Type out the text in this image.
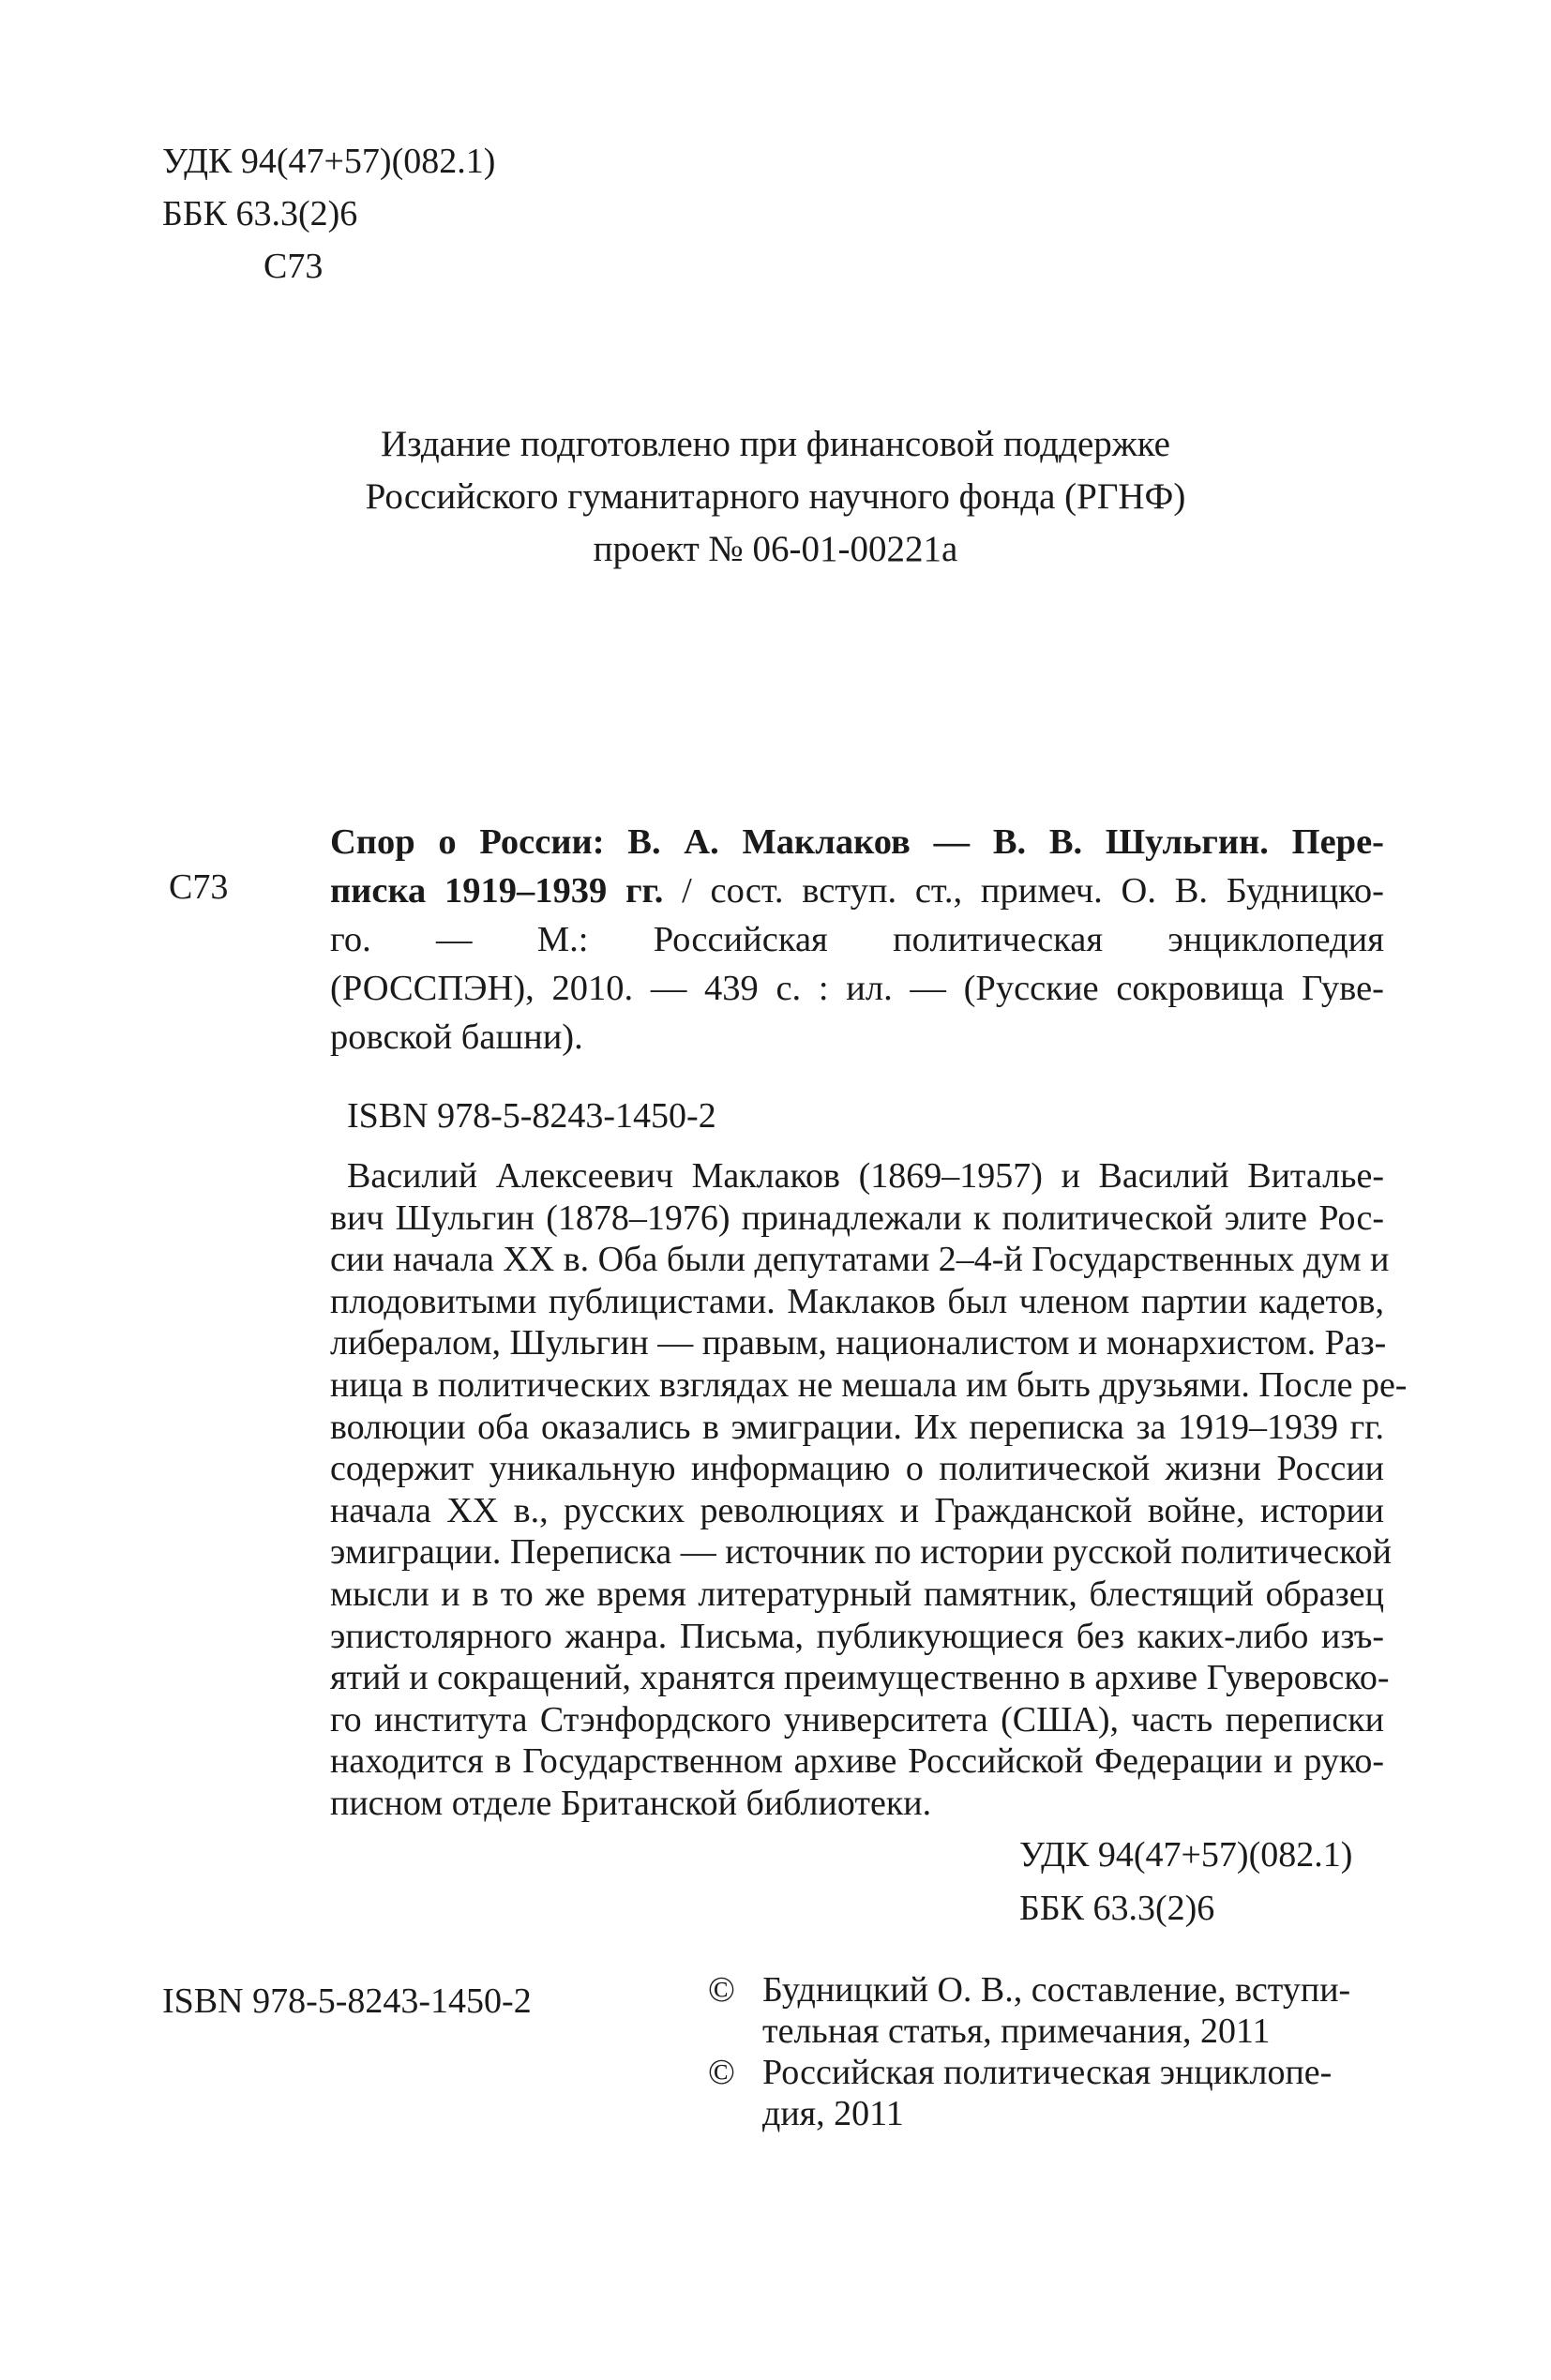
УДК 94(47+57)(082.1)
ББК 63.3(2)6
С73
Издание подготовлено при финансовой поддержке
Российского гуманитарного научного фонда (РГНФ)
проект № 06-01-00221а
С73
Спор о России: В. А. Маклаков — В. В. Шульгин. Пере-
писка 1919–1939 гг. / сост. вступ. ст., примеч. О. В. Будницко-
го. — М.: Российская политическая энциклопедия
(РОССПЭН), 2010. — 439 с. : ил. — (Русские сокровища Гуве-
ровской башни).
ISBN 978-5-8243-1450-2
Василий Алексеевич Маклаков (1869–1957) и Василий Виталье-
вич Шульгин (1878–1976) принадлежали к политической элите Рос-
сии начала XX в. Оба были депутатами 2–4-й Государственных дум и
плодовитыми публицистами. Маклаков был членом партии кадетов,
либералом, Шульгин — правым, националистом и монархистом. Раз-
ница в политических взглядах не мешала им быть друзьями. После ре-
волюции оба оказались в эмиграции. Их переписка за 1919–1939 гг.
содержит уникальную информацию о политической жизни России
начала XX в., русских революциях и Гражданской войне, истории
эмиграции. Переписка — источник по истории русской политической
мысли и в то же время литературный памятник, блестящий образец
эпистолярного жанра. Письма, публикующиеся без каких-либо изъ-
ятий и сокращений, хранятся преимущественно в архиве Гуверовско-
го института Стэнфордского университета (США), часть переписки
находится в Государственном архиве Российской Федерации и руко-
писном отделе Британской библиотеки.
УДК 94(47+57)(082.1)
ББК 63.3(2)6
ISBN 978-5-8243-1450-2	© Будницкий О. В., составление, вступи-
тельная статья, примечания, 2011
© Российская политическая энциклопе-
дия, 2011
